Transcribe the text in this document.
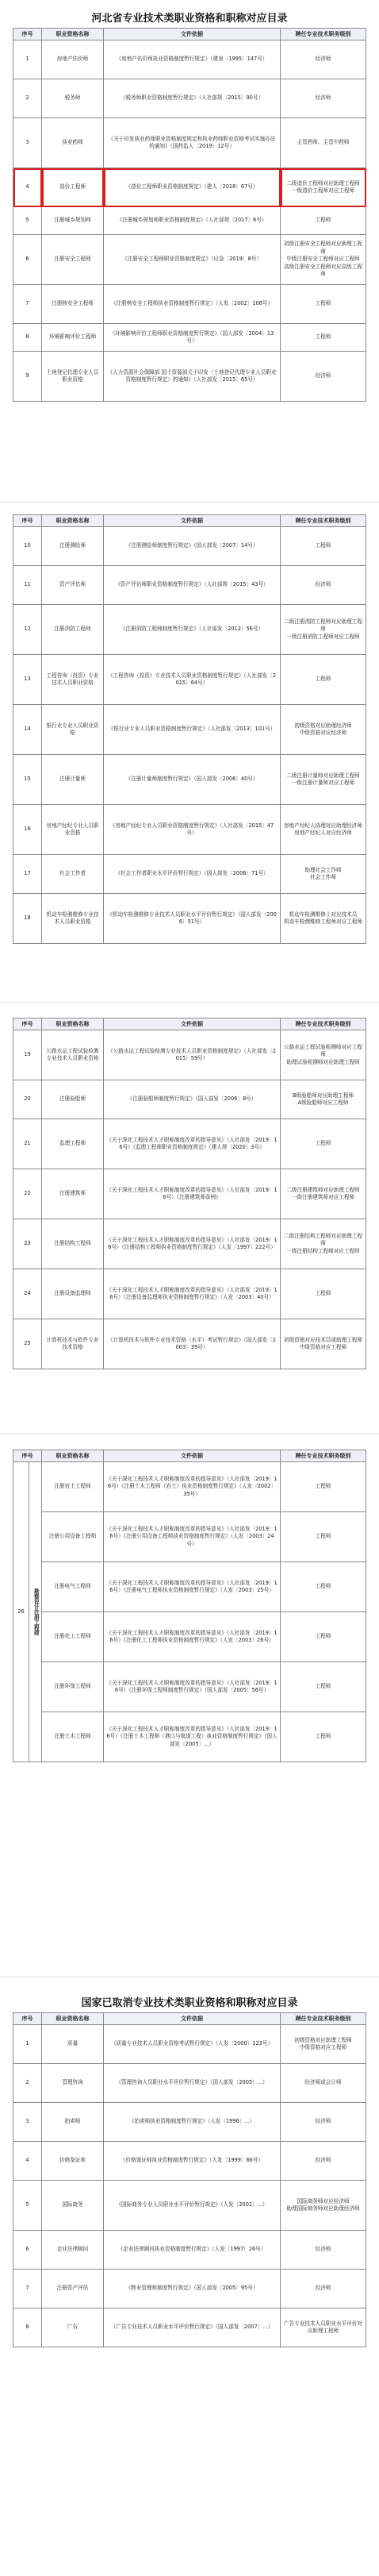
河北省专业技术类职业资格和职称对应目录
序号	职业资格名称	文件依据	聘任专业技术职务级别
1	房地产估价师	《房地产估价师执业资格制度暂行规定》（建房〔1995〕147号）	经济师
2	税务师	《税务师职业资格制度暂行规定》（人社部规〔2015〕90号）	经济师
3	执业药师	《关于印发执业药师职业资格制度规定和执业药师职业资格考试实施办法的通知》（国药监人〔2019〕12号）	主管药师、主管中药师
4	造价工程师	《造价工程师职业资格制度规定》（建人〔2018〕67号）	二级造价工程师对应助理工程师
一级造价工程师对应工程师
5	注册城乡规划师	《注册城乡规划师职业资格制度规定》（人社部规〔2017〕6号）	工程师
6	注册安全工程师	《注册安全工程师职业资格制度规定》（应急〔2019〕8号）	初级注册安全工程师对应助理工程师
中级注册安全工程师对应工程师
高级注册安全工程师对应高级工程师
7	注册核安全工程师	《注册核安全工程师执业资格制度暂行规定》（人发〔2002〕106号）	工程师
8	环境影响评价工程师	《环境影响评价工程师职业资格制度暂行规定》（国人部发〔2004〕13号）	工程师
9	土地登记代理专业人员职业资格	《人力资源社会保障部 国土资源部关于印发〈土地登记代理专业人员职业资格制度暂行规定〉的通知》（人社部发〔2015〕65号）	经济师
序号	职业资格名称	文件依据	聘任专业技术职务级别
10	注册测绘师	《注册测绘师制度暂行规定》（国人部发〔2007〕14号）	工程师
11	资产评估师	《资产评估师职业资格制度暂行规定》（人社部规〔2015〕43号）	经济师
12	注册消防工程师	《注册消防工程师制度暂行规定》（人社部发〔2012〕56号）	二级注册消防工程师对应助理工程师
一级注册消防工程师对应工程师
13	工程咨询（投资）专业技术人员职业资格	《工程咨询（投资）专业技术人员职业资格制度暂行规定》（人社部发〔2015〕64号）	工程师
14	银行业专业人员职业资格	《银行业专业人员职业资格制度暂行规定》（人社部发〔2013〕101号）	初级资格对应助理经济师
中级资格对应经济师
15	注册计量师	《注册计量师制度暂行规定》（国人部发〔2006〕40号）	二级注册计量师对应助理工程师
一级注册计量师对应工程师
16	房地产经纪专业人员职业资格	《房地产经纪专业人员职业资格制度暂行规定》（人社部发〔2015〕47号）	房地产经纪人协理对应助理经济师
房地产经纪人对应经济师
17	社会工作者	《社会工作者职业水平评价暂行规定》（国人部发〔2006〕71号）	助理社会工作师
社会工作师
18	机动车检测维修专业技术人员职业资格	《机动车检测维修专业技术人员职业水平评价暂行规定》（国人部发〔2006〕51号）	机动车检测维修士对应技术员
机动车检测维修工程师对应工程师
序号	职业资格名称	文件依据	聘任专业技术职务级别
19	公路水运工程试验检测专业技术人员职业资格	《公路水运工程试验检测专业技术人员职业资格制度规定》（人社部发〔2015〕59号）	公路水运工程试验检测师对应工程师
助理试验检测师对应助理工程师
20	注册验船师	《注册验船师制度暂行规定》（国人部发〔2006〕8号）	B级验船师对应助理工程师
A级验船师对应工程师
21	监理工程师	《关于深化工程技术人才职称制度改革的指导意见》（人社部发〔2019〕16号）《监理工程师职业资格制度规定》（建人规〔2020〕3号）	工程师
22	注册建筑师	《关于深化工程技术人才职称制度改革的指导意见》（人社部发〔2019〕16号）《注册建筑师条例》	二级注册建筑师对应助理工程师
一级注册建筑师对应工程师
23	注册结构工程师	《关于深化工程技术人才职称制度改革的指导意见》（人社部发〔2019〕16号）《注册结构工程师执业资格制度暂行规定》（人发〔1997〕222号）	二级注册结构工程师对应助理工程师
一级注册结构工程师对应工程师
24	注册设备监理师	《关于深化工程技术人才职称制度改革的指导意见》（人社部发〔2019〕16号）《注册设备监理师执业资格制度暂行规定》（人发〔2003〕40号）	工程师
25	计算机技术与软件专业技术资格	《计算机技术与软件专业技术资格（水平）考试暂行规定》（国人部发〔2003〕39号）	初级资格对应技术员或助理工程师
中级资格对应工程师
序号		职业资格名称	文件依据	聘任专业技术职务级别
26	勘察设计注册工程师	注册岩土工程师	《关于深化工程技术人才职称制度改革的指导意见》（人社部发〔2019〕16号）《注册土木工程师（岩土）执业资格制度暂行规定》（人发〔2002〕35号）	工程师
		注册公用设备工程师	《关于深化工程技术人才职称制度改革的指导意见》（人社部发〔2019〕16号）《注册公用设备工程师执业资格制度暂行规定》（人发〔2003〕24号）	工程师
		注册电气工程师	《关于深化工程技术人才职称制度改革的指导意见》（人社部发〔2019〕16号）《注册电气工程师执业资格制度暂行规定》（人发〔2003〕25号）	工程师
		注册化工工程师	《关于深化工程技术人才职称制度改革的指导意见》（人社部发〔2019〕16号）《注册化工工程师执业资格制度暂行规定》（人发〔2003〕26号）	工程师
		注册环保工程师	《关于深化工程技术人才职称制度改革的指导意见》（人社部发〔2019〕16号）《注册环保工程师制度暂行规定》（国人部发〔2005〕56号）	工程师
		注册土木工程师	《关于深化工程技术人才职称制度改革的指导意见》（人社部发〔2019〕16号）《注册土木工程师（港口与航道工程）执业资格制度暂行规定》（国人部发〔2005〕...）	工程师
国家已取消专业技术类职业资格和职称对应目录
序号	职业资格名称	文件依据	聘任专业技术职务级别
1	质量	《质量专业技术人员职业资格考试暂行规定》（人发〔2000〕123号）	初级资格对应助理工程师
中级资格对应工程师
2	管理咨询	《管理咨询人员职业水平评价暂行规定》（国人部发〔2005〕...）	经济师或会计师
3	拍卖师	《拍卖师执业资格制度暂行规定》（人发〔1996〕...）	经济师
4	价格鉴证师	《价格鉴证师执业资格制度暂行规定》（人发〔1999〕66号）	经济师
5	国际商务	《国际商务专业人员职业水平评价暂行规定》（人发〔2001〕...）	国际商务师对应经济师
助理国际商务师对应助理经济师
6	企业法律顾问	《企业法律顾问执业资格制度暂行规定》（人发〔1997〕26号）	经济师
7	注册资产评估	《物业管理师制度暂行规定》（国人部发〔2005〕95号）	经济师
8	广告	《广告专业技术人员职业水平评价暂行规定》（国人部发〔2007〕...）	广告专业技术人员职业水平评价对应助理工程师
